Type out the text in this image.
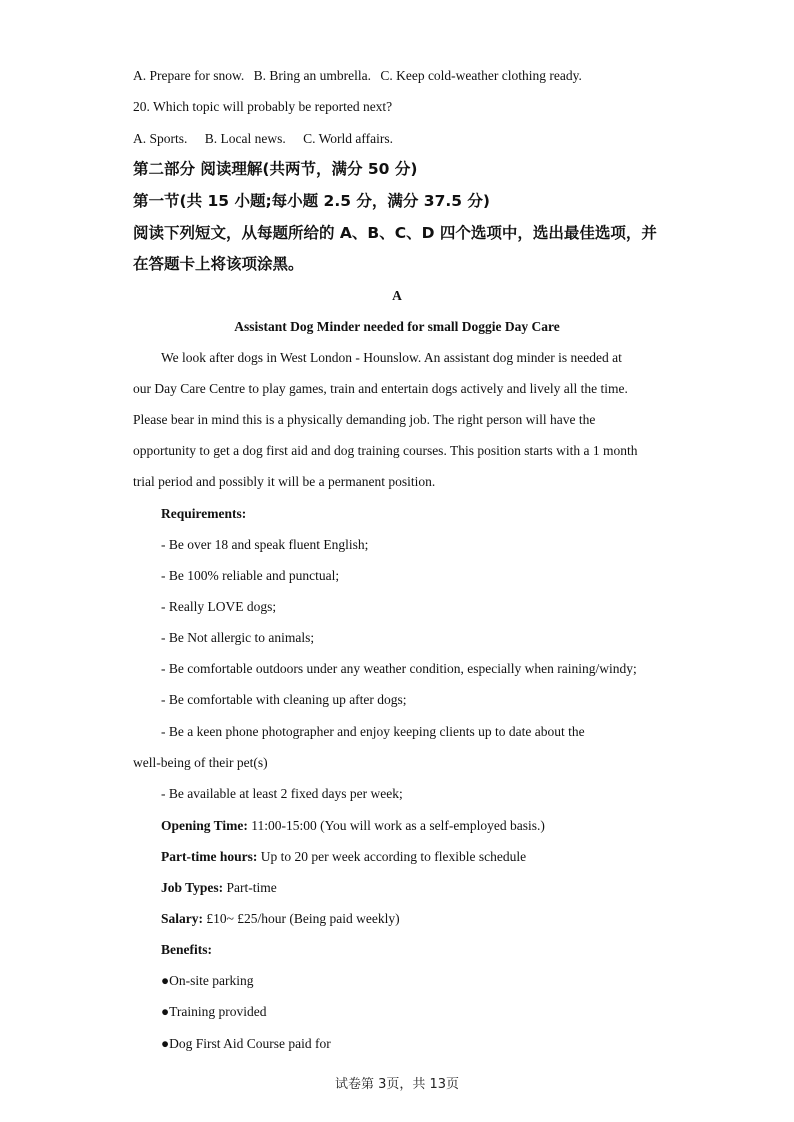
A. Prepare for snow. B. Bring an umbrella. C. Keep cold-weather clothing ready.
20. Which topic will probably be reported next?
A. Sports. B. Local news. C. World affairs.
第二部分 阅读理解(共两节，满分 50 分)
第一节(共 15 小题;每小题 2.5 分，满分 37.5 分)
阅读下列短文，从每题所给的 A、B、C、D 四个选项中，选出最佳选项，并
在答题卡上将该项涂黑。
A
Assistant Dog Minder needed for small Doggie Day Care
We look after dogs in West London - Hounslow. An assistant dog minder is needed at
our Day Care Centre to play games, train and entertain dogs actively and lively all the time.
Please bear in mind this is a physically demanding job. The right person will have the
opportunity to get a dog first aid and dog training courses. This position starts with a 1 month
trial period and possibly it will be a permanent position.
Requirements:
- Be over 18 and speak fluent English;
- Be 100% reliable and punctual;
- Really LOVE dogs;
- Be Not allergic to animals;
- Be comfortable outdoors under any weather condition, especially when raining/windy;
- Be comfortable with cleaning up after dogs;
- Be a keen phone photographer and enjoy keeping clients up to date about the
well-being of their pet(s)
- Be available at least 2 fixed days per week;
Opening Time: 11:00-15:00 (You will work as a self-employed basis.)
Part-time hours: Up to 20 per week according to flexible schedule
Job Types: Part-time
Salary: £10~ £25/hour (Being paid weekly)
Benefits:
●On-site parking
●Training provided
●Dog First Aid Course paid for
试卷第 3页，共 13页
